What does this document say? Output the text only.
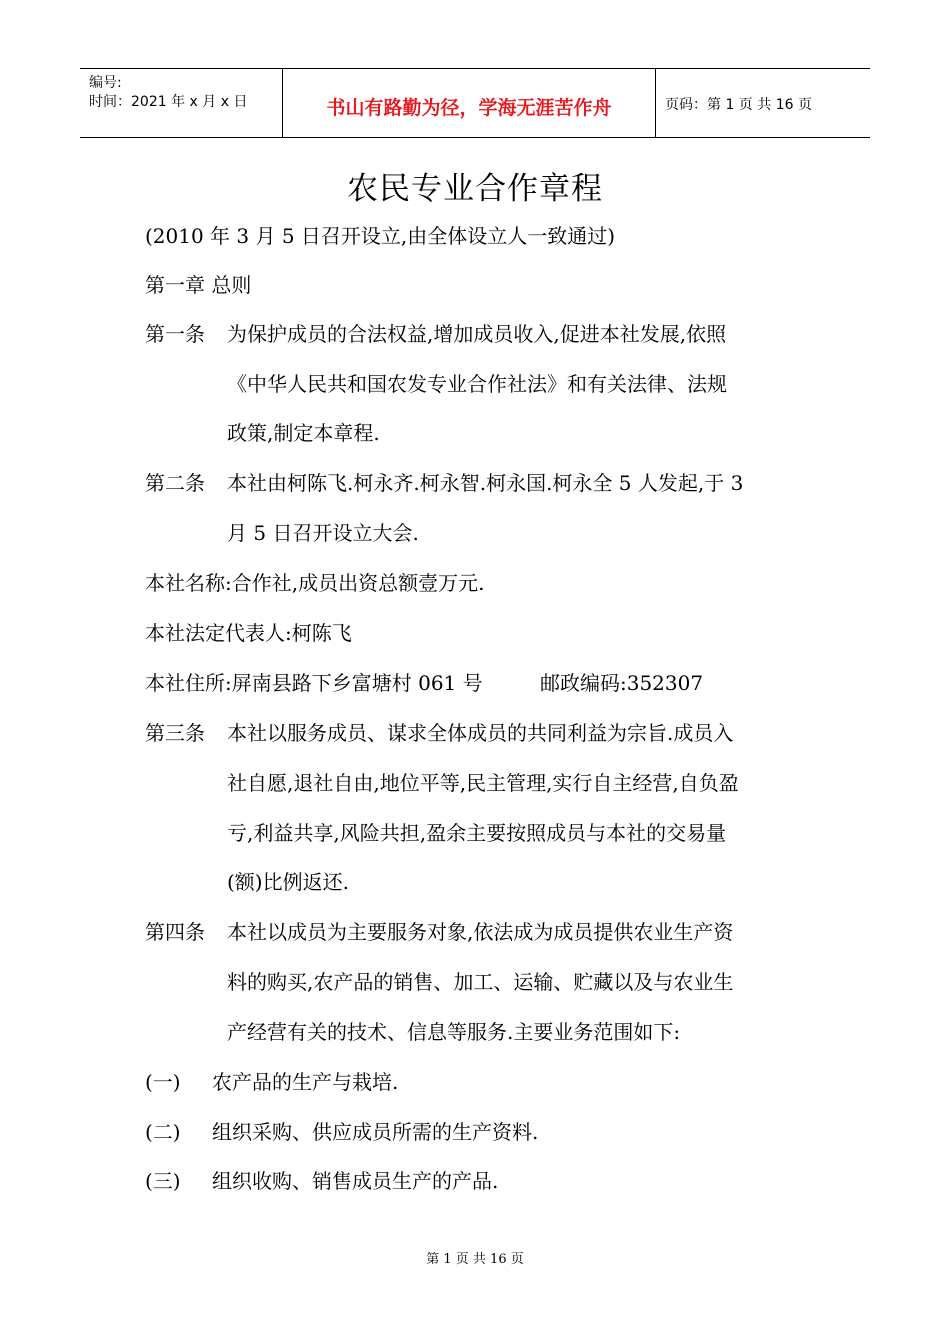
编号:
时间：2021 年 x 月 x 日	书山有路勤为径，学海无涯苦作舟	页码：第 1 页 共 16 页
农民专业合作章程
(2010 年 3 月 5 日召开设立,由全体设立人一致通过)
第一章 总则
第一条 为保护成员的合法权益,增加成员收入,促进本社发展,依照
《中华人民共和国农发专业合作社法》和有关法律、法规
政策,制定本章程.
第二条 本社由柯陈飞.柯永齐.柯永智.柯永国.柯永全 5 人发起,于 3
月 5 日召开设立大会.
本社名称:合作社,成员出资总额壹万元.
本社法定代表人:柯陈飞
本社住所:屏南县路下乡富塘村 061 号	邮政编码:352307
第三条 本社以服务成员、谋求全体成员的共同利益为宗旨.成员入
社自愿,退社自由,地位平等,民主管理,实行自主经营,自负盈
亏,利益共享,风险共担,盈余主要按照成员与本社的交易量
(额)比例返还.
第四条 本社以成员为主要服务对象,依法成为成员提供农业生产资
料的购买,农产品的销售、加工、运输、贮藏以及与农业生
产经营有关的技术、信息等服务.主要业务范围如下:
(一) 农产品的生产与栽培.
(二) 组织采购、供应成员所需的生产资料.
(三) 组织收购、销售成员生产的产品.
第 1 页 共 16 页
